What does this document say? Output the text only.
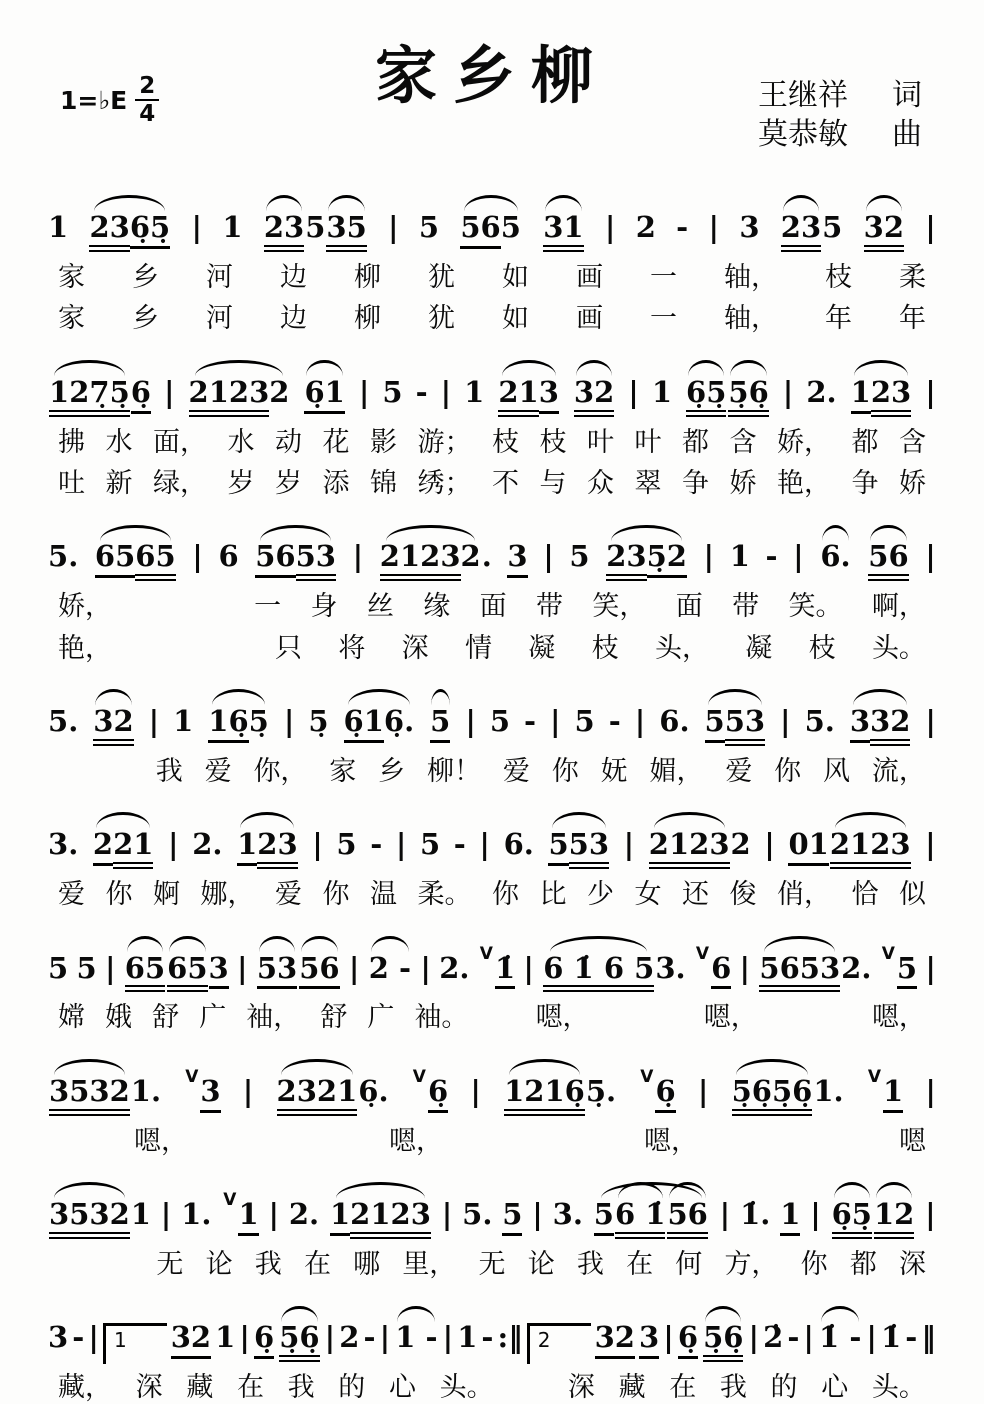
1=♭E $\frac{2}{4}$	家乡柳	王继祥 词
莫恭敏 曲
1 236̣5̣ | 1 23535 | 5 565 31 | 2 - | 3 235 32 |
家 乡 河 边 柳 犹 如 画 一 轴， 枝 柔
家 乡 河 边 柳 犹 如 画 一 轴， 年 年
127̣5̣6̣ | 21232 6̣1 | 5 - | 1 213 32 | 1 6̣5̣5̣6̣ | 2. 123 |
拂 水 面， 水 动 花 影 游； 枝 枝 叶 叶 都 含 娇， 都 含
吐 新 绿， 岁 岁 添 锦 绣； 不 与 众 翠 争 娇 艳， 争 娇
5. 6565 | 6 5653 | 21232. 3 | 5 235̣2 | 1 - | 6. 56 |
娇，

　	一 身 丝 缘 面 带 笑， 面 带 笑。 啊，
艳，

　	只 将 深 情 凝 枝 头， 凝 枝 头。
5. 32 | 1 16̣5̣ | 5̣ 6̣16̣. 5 | 5 - | 5 - | 6. 553 | 5. 332 |

我 爱 你， 家 乡 柳！ 爱 你 妩 媚， 爱 你 风 流，
3. 221 | 2. 123 | 5 - | 5 - | 6. 553 | 21232 | 012123 |
爱 你 婀 娜， 爱 你 温 柔。 你 比 少 女 还 俊 俏， 恰 似
5 5 | 65653 | 5356 | 2 - | 2. V1̇ | 6 1̇ 6 53. V6 | 56532. V5 |
嫦 娥 舒 广 袖， 舒 广 袖。
　 嗯，

　	嗯，

　	嗯，
35321. V3 | 23216̣. V6̣ | 1216̣5̣. V6̣ | 5̣6̣5̣6̣1. V1 |

嗯，

　	嗯，

　	嗯，

　	嗯
35321 | 1. V1 | 2. 12123 | 5. 5 | 3. 56 1̇56 | 1̇. 1 | 6̣5̣12 |

无 论 我 在 哪 里， 无 论 我 在 何 方， 你 都 深
3 - | 1	32 1 | 6̣ 5̣6̣ | 2 - | 1 - | 1 - :‖ 2	32 3 | 6̣ 5̣6̣ | 2̇ - | 1̇ - | 1̇ - ‖
藏， 深 藏 在 我 的 心 头。
　	深 藏 在 我 的 心 头。
